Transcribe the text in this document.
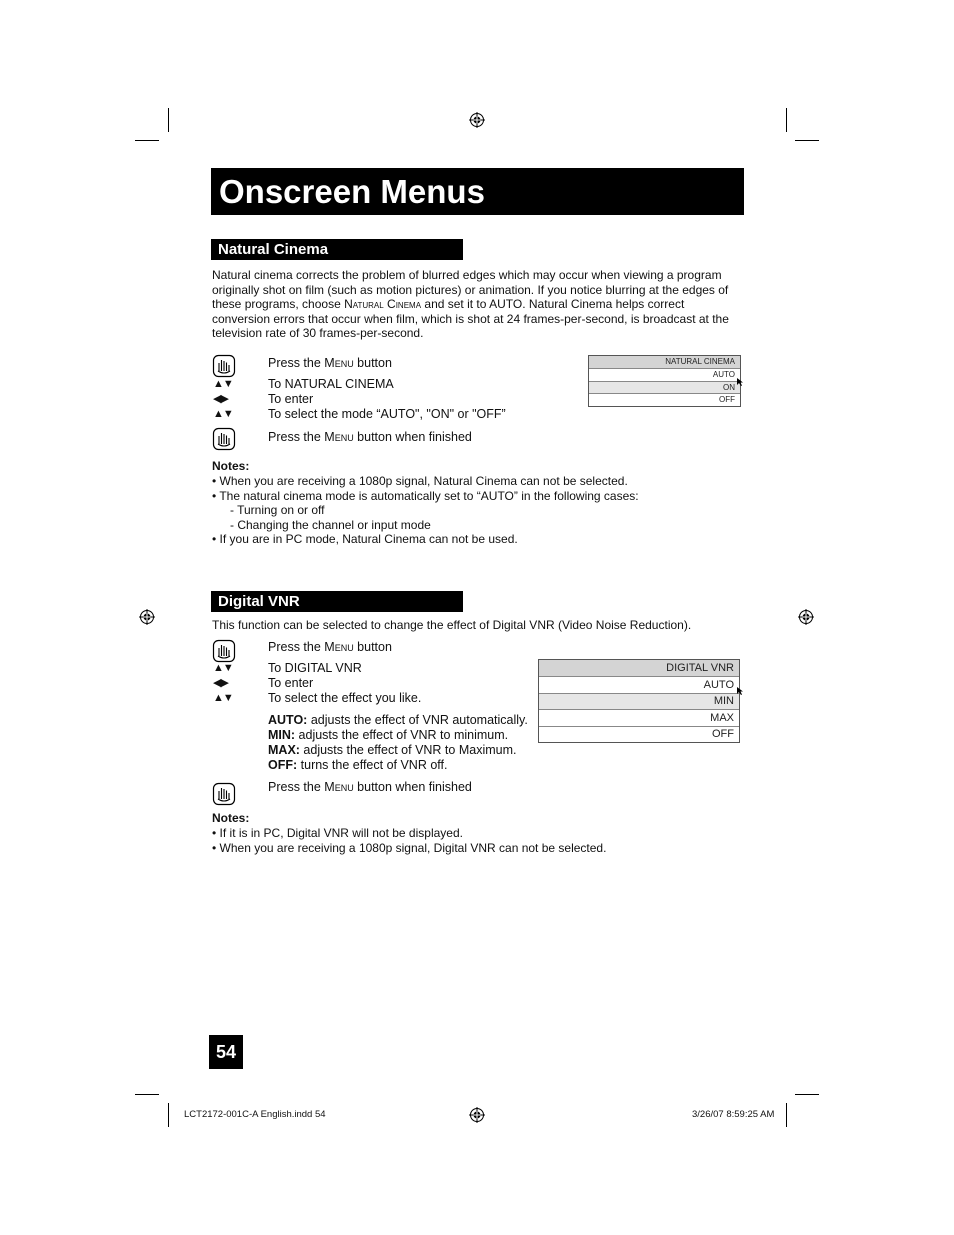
Onscreen Menus
Natural Cinema
Natural cinema corrects the problem of blurred edges which may occur when viewing a program originally shot on film (such as motion pictures) or animation. If you notice blurring at the edges of these programs, choose Natural Cinema and set it to AUTO. Natural Cinema helps correct conversion errors that occur when film, which is shot at 24 frames-per-second, is broadcast at the television rate of 30 frames-per-second.
Press the Menu button
▲▼	To NATURAL CINEMA
◀▶	To enter
▲▼	To select the mode “AUTO", "ON" or "OFF”
Press the Menu button when finished
NATURAL CINEMA
AUTO
ON
OFF
Notes:
• When you are receiving a 1080p signal, Natural Cinema can not be selected.
• The natural cinema mode is automatically set to “AUTO” in the following cases:
- Turning on or off
- Changing the channel or input mode
• If you are in PC mode, Natural Cinema can not be used.
Digital VNR
This function can be selected to change the effect of Digital VNR (Video Noise Reduction).
Press the Menu button
▲▼	To DIGITAL VNR
◀▶	To enter
▲▼	To select the effect you like.
AUTO: adjusts the effect of VNR automatically.
MIN: adjusts the effect of VNR to minimum.
MAX: adjusts the effect of VNR to Maximum.
OFF: turns the effect of VNR off.
Press the Menu button when finished
DIGITAL VNR
AUTO
MIN
MAX
OFF
Notes:
• If it is in PC, Digital VNR will not be displayed.
• When you are receiving a 1080p signal, Digital VNR can not be selected.
54
LCT2172-001C-A English.indd 54	3/26/07 8:59:25 AM
